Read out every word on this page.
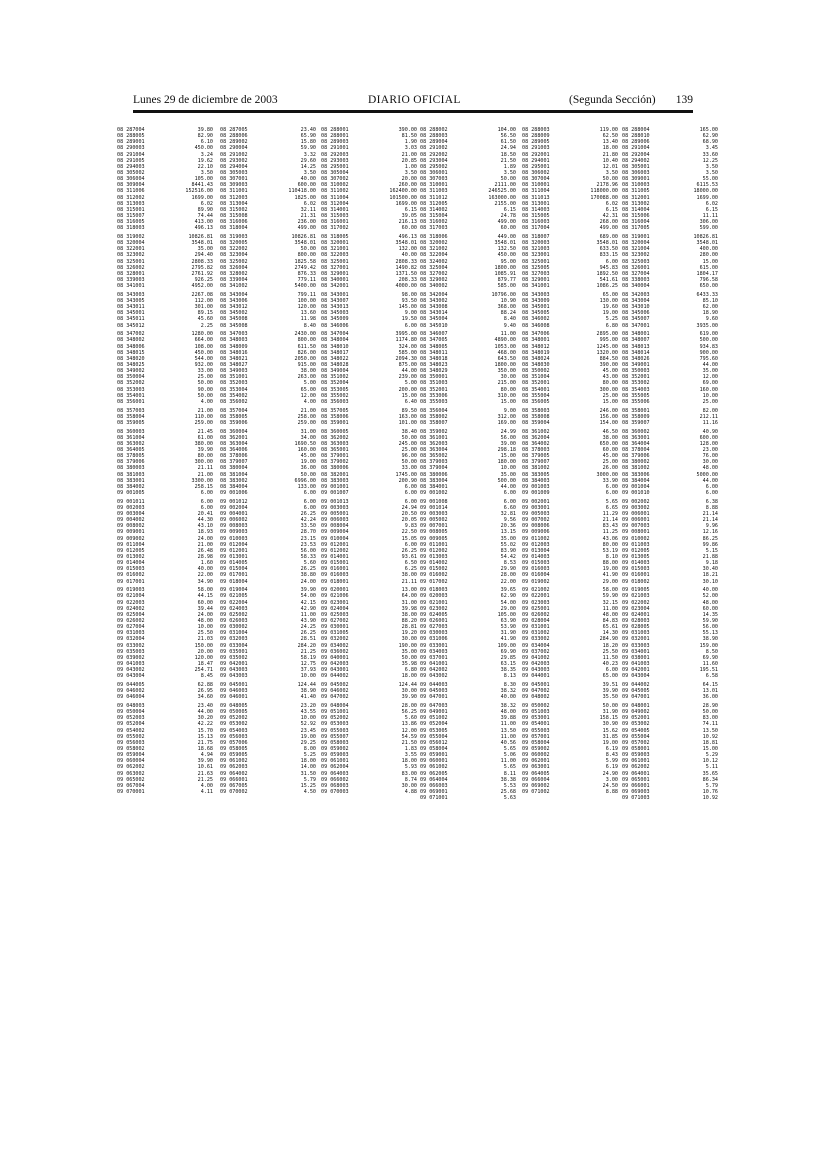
Lunes 29 de diciembre de 2003	DIARIO OFICIAL	(Segunda Sección) 139
08 287004	39.80
08 288005	82.90
08 289001	6.10
08 290003	450.00
08 291004	3.24
08 291005	19.62
08 294003	22.10
08 305002	3.50
08 306004	105.00
08 309004	8441.43
08 311006	152516.00
08 312002	1699.00
08 313003	6.02
08 315001	89.90
08 315007	74.44
08 316005	413.00
08 318003	496.13
08 319002	10826.81
08 320004	3548.01
08 322001	35.00
08 323002	294.40
08 325001	2808.33
08 326002	2795.82
08 328001	2761.92
08 339003	926.25
08 341001	4952.00
08 343003	2267.08
08 343005	112.00
08 343011	301.00
08 345001	89.15
08 345011	45.60
08 345012	2.25
08 347002	1280.00
08 348002	664.00
08 348006	108.00
08 348015	450.00
08 348020	544.00
08 348025	932.00
08 349002	33.00
08 350004	25.00
08 352002	50.00
08 353003	90.00
08 354001	50.00
08 356001	4.00
08 357003	21.00
08 358004	110.00
08 359005	259.00
08 360003	21.45
08 361004	61.00
08 363002	380.00
08 364005	39.90
08 378005	80.00
08 379006	300.00
08 380003	21.11
08 381003	21.00
08 383001	3300.00
08 384002	258.15
09 001005	6.00
09 001011	6.00
09 002003	6.00
09 003004	20.41
09 004002	44.30
09 008002	43.10
09 009001	18.93
09 009002	24.00
09 011004	21.00
09 012005	26.48
09 013002	28.98
09 014004	1.60
09 015003	40.00
09 016002	22.00
09 017001	34.90
09 019003	58.00
09 021004	44.15
09 022003	60.00
09 024002	39.44
09 025004	24.00
09 026002	48.00
09 027004	10.00
09 031003	25.50
09 032004	21.03
09 033002	150.00
09 035003	20.00
09 039002	120.00
09 041003	18.47
09 043002	254.71
09 043004	8.45
09 044005	62.88
09 046002	26.95
09 046004	34.60
09 048003	23.40
09 050004	44.00
09 052003	30.20
09 052004	42.22
09 054002	15.70
09 055002	15.13
09 056003	21.75
09 058002	18.68
09 059004	4.94
09 060004	39.90
09 062002	10.61
09 063002	21.63
09 065002	21.25
09 067004	4.00
09 070001	4.11
08 287005	23.40
08 288006	65.90
08 289002	15.80
08 290004	59.90
08 291002	3.32
08 293002	29.60
08 294004	14.25
08 305003	3.50
08 307001	40.00
08 309003	600.00
08 311001	110418.00
08 312003	1825.00
08 313004	6.02
08 315002	32.11
08 315008	21.31
08 316006	236.00
08 318004	499.00
08 319003	10826.81
08 320005	3548.01
08 322002	50.00
08 323004	800.00
08 325002	1825.58
08 326004	2749.42
08 328002	876.33
08 339004	779.11
08 341002	5400.00
08 343004	799.11
08 343006	100.00
08 343012	120.00
08 345002	13.60
08 345008	11.98
08 345008	8.40
08 347003	2430.00
08 348003	800.00
08 348009	611.50
08 348016	826.00
08 348021	2050.00
08 348027	915.00
08 349003	38.00
08 351001	263.00
08 352003	5.00
08 353004	65.00
08 354002	12.00
08 356002	4.00
08 357004	21.00
08 358005	258.00
08 359006	259.00
08 360004	31.00
08 362001	34.00
08 363004	1690.50
08 364006	160.00
08 378006	45.00
08 379007	19.00
08 380004	36.00
08 381004	50.00
08 383002	6996.00
08 384004	133.00
09 001006	6.00
09 001012	6.00
09 002004	6.00
09 004001	26.25
09 006002	42.24
09 008003	33.50
09 009003	28.70
09 010003	23.15
09 012004	23.53
09 012001	56.00
09 013001	58.33
09 014005	5.60
09 015004	26.25
09 017001	38.80
09 018004	24.00
09 019004	39.90
09 021005	54.00
09 022004	42.15
09 024003	42.90
09 025002	11.00
09 026003	43.90
09 030002	24.25
09 031004	26.25
09 032003	28.51
09 033004	284.20
09 035001	21.25
09 035002	58.19
09 042001	12.75
09 043003	37.93
09 043003	10.00
09 045001	124.44
09 046003	38.90
09 046001	41.40
09 048005	23.20
09 050005	43.55
09 052002	10.00
09 053002	52.92
09 054003	23.45
09 056003	19.00
09 057006	29.25
09 058005	8.00
09 059005	5.25
09 061002	18.00
09 062003	14.00
09 064002	31.50
09 066001	5.79
09 067005	15.25
09 070002	4.50
08 288001	390.00
08 288001	81.50
08 289003	1.90
08 291001	3.03
08 292003	21.00
08 293003	20.85
08 295001	1.00
08 305004	3.50
08 307002	20.00
08 310002	260.00
08 311002	162400.00
08 311004	101500.00
08 312004	1699.00
08 314001	6.15
08 315003	39.05
08 316001	216.13
08 317002	60.00
08 318005	496.13
08 320001	3548.01
08 321001	132.00
08 322003	40.00
08 325001	2808.33
08 327001	1490.82
08 329001	1371.50
08 340001	208.33
08 342001	4000.00
08 343001	98.00
08 343007	93.50
08 343013	145.00
08 345003	9.00
08 345009	19.50
08 346006	6.00
08 347004	3995.00
08 348004	1174.80
08 348010	324.00
08 348017	585.00
08 348022	2094.30
08 348028	875.00
08 349004	44.00
08 351002	239.00
08 352004	5.00
08 353005	200.00
08 355002	15.00
08 356003	6.40
08 357005	89.50
08 358006	163.00
08 359001	101.00
08 360005	38.40
08 362002	50.00
08 363003	245.00
08 365001	25.00
08 379001	96.00
08 379002	50.00
08 380006	33.00
08 382001	1745.00
08 383003	200.90
09 001001	6.00
09 001007	6.00
09 001013	6.00
09 003003	24.94
09 005001	20.50
09 006003	20.05
09 008004	9.83
09 009004	22.50
09 010004	15.05
09 012001	6.00
09 012002	26.25
09 014001	93.61
09 015001	6.50
09 016001	6.25
09 016003	38.00
09 018001	21.11
09 020001	13.00
09 021006	64.00
09 023001	31.00
09 024004	39.98
09 025003	38.00
09 027002	88.20
09 030001	28.81
09 031005	19.20
09 032002	30.00
09 034002	190.00
09 036002	35.00
09 040001	50.00
09 042003	35.98
09 043001	6.80
09 044002	18.00
09 045002	124.44
09 046002	30.00
09 047002	39.90
09 048004	28.00
09 051001	56.25
09 052002	5.60
09 053003	13.86
09 055003	12.00
09 055007	54.59
09 058003	21.50
09 059002	1.83
09 059003	3.55
09 061001	18.00
09 062004	5.93
09 064003	83.00
09 066002	8.74
09 068003	30.00
09 070003	4.88
08 288002	104.00
08 288003	56.50
08 289004	61.50
08 291002	24.94
08 292002	18.50
08 293004	21.50
08 295002	1.89
08 306001	3.50
08 307003	50.00
08 310001	2111.00
08 311003	246525.00
08 311012	163000.00
08 312005	2155.00
08 314002	6.15
08 315004	24.78
08 316002	499.00
08 317003	60.00
08 318006	449.00
08 320002	3548.01
08 321002	132.50
08 322004	450.00
08 324002	95.00
08 325004	1800.00
08 327002	1085.91
08 329002	879.77
08 340002	585.00
08 342004	10796.00
08 343002	10.90
08 343008	368.00
08 343014	88.24
08 345004	8.40
08 345010	9.40
08 346007	11.00
08 347005	4890.00
08 348005	1053.00
08 348011	468.00
08 348018	643.50
08 348023	1800.00
08 348029	350.00
08 350001	30.00
08 351003	215.00
08 352001	80.00
08 353006	310.00
08 355003	15.00
08 356004	9.00
08 358002	312.00
08 358007	169.00
08 359002	24.99
08 361001	56.00
08 362003	39.00
08 363004	298.18
08 365002	15.00
08 379003	180.00
08 379004	10.00
08 380006	35.00
08 383004	500.00
08 384001	44.00
09 001002	6.00
09 001008	6.00
09 001014	6.60
09 003003	32.81
09 005002	9.56
09 007001	20.36
09 008005	13.15
09 009005	35.00
09 011001	55.02
09 012002	83.90
09 013003	54.42
09 014002	8.53
09 015002	29.90
09 016002	28.00
09 017002	22.00
09 018003	39.65
09 020003	62.90
09 021001	54.00
09 023002	29.00
09 024005	105.00
09 026001	63.90
09 027003	53.90
09 030003	31.90
09 031006	41.90
09 033001	109.00
09 034003	69.90
09 037001	29.85
09 041001	63.15
09 042002	38.35
09 043002	8.13
09 044003	8.30
09 045003	38.32
09 047001	40.00
09 047003	38.32
09 049001	48.00
09 051002	39.88
09 052004	11.00
09 053005	13.50
09 055004	11.00
09 056012	40.56
09 058004	5.65
09 059001	5.06
09 060001	11.00
09 061002	5.65
09 062005	8.11
09 064004	38.38
09 066003	5.53
09 069001	25.68
09 071001	5.63
08 288003	119.00
08 288009	62.50
08 289005	13.40
08 291003	18.00
08 292001	21.80
08 294001	10.40
08 295001	12.01
08 306002	3.50
08 307004	50.00
08 310001	2178.96
08 311004	118000.00
08 311013	170088.00
08 313001	6.02
08 314003	6.15
08 315005	42.31
08 316003	268.00
08 317004	499.00
08 318007	689.00
08 320003	3548.01
08 321003	633.50
08 323001	833.15
08 325001	6.00
08 325005	945.83
08 327003	1892.50
08 329001	541.61
08 341001	1086.25
08 343003	65.00
08 343009	130.00
08 345001	19.60
08 345005	19.00
08 346002	5.25
08 346008	6.80
08 347006	2895.00
08 348001	995.00
08 348012	1245.00
08 348019	1320.00
08 348024	884.50
08 348030	390.00
08 350002	45.00
08 351004	43.00
08 352001	80.00
08 354001	300.00
08 355004	25.00
08 356005	15.00
08 358003	246.00
08 358008	156.00
08 359004	154.00
08 361002	46.50
08 362004	38.00
08 364002	650.00
08 378003	60.00
08 379005	45.00
08 379007	25.00
08 381002	26.00
08 383005	3000.00
08 384003	33.90
09 001003	6.00
09 001009	6.00
09 002001	5.65
09 003001	6.65
09 005003	11.29
09 007002	21.14
09 008006	83.43
09 009006	11.25
09 011002	43.06
09 012003	80.00
09 013004	53.19
09 014003	8.10
09 015003	88.00
09 016003	19.00
09 016004	41.90
09 019002	29.00
09 021002	58.00
09 022001	59.90
09 023003	32.15
09 025001	11.00
09 026002	48.00
09 028004	84.83
09 031001	65.61
09 031002	14.30
09 033002	284.90
09 034004	18.20
09 037002	25.50
09 041002	11.50
09 042003	40.23
09 043003	6.00
09 044001	65.00
09 045001	39.51
09 047002	39.90
09 048002	35.50
09 050002	50.00
09 051003	31.90
09 053001	158.15
09 054001	30.90
09 055003	15.62
09 057001	31.85
09 058004	19.00
09 059002	6.19
09 060002	8.43
09 062001	5.99
09 063001	6.19
09 064005	24.90
09 066004	3.00
09 069002	24.50
09 071002	8.88
08 288004	165.00
08 288010	62.90
08 289006	68.90
08 291004	3.45
08 292004	33.60
08 294002	12.25
08 305001	3.50
08 306003	3.50
08 309001	55.00
08 310003	6115.53
08 311005	18000.00
08 312001	1699.00
08 313002	6.02
08 314004	6.15
08 315006	11.11
08 316004	306.00
08 317005	599.00
08 319001	10826.81
08 320004	3548.01
08 321004	400.00
08 323002	280.00
08 325003	15.00
08 326001	615.00
08 327004	1804.17
08 338003	796.58
08 340004	650.00
08 342003	6433.33
08 343004	85.10
08 343010	62.00
08 345006	18.90
08 345007	9.60
08 347001	3935.00
08 348001	619.00
08 348007	500.00
08 348013	934.83
08 348014	900.00
08 348026	795.60
08 349001	44.00
08 350003	35.00
08 352001	12.00
08 353002	69.00
08 354003	160.00
08 355005	10.00
08 355006	25.00
08 358001	82.00
08 358009	212.11
08 359007	11.16
08 360002	40.90
08 363001	600.00
08 364004	128.00
08 378004	23.00
08 379006	76.00
08 380002	30.00
08 381002	48.00
08 383006	5000.00
08 384004	44.00
09 001004	6.00
09 001010	6.00
09 002002	6.38
09 003002	8.88
09 006001	21.14
09 006001	21.14
09 007003	9.96
09 008001	12.16
09 010002	86.25
09 011003	99.86
09 012005	5.15
09 013005	21.88
09 014003	9.18
09 015003	30.40
09 016001	18.21
09 018002	30.10
09 019005	40.00
09 021003	52.00
09 022002	48.00
09 023004	60.00
09 024001	14.35
09 028003	59.90
09 028005	56.00
09 031003	55.13
09 032001	38.90
09 033003	159.00
09 034001	8.50
09 038001	69.90
09 041003	11.60
09 042001	195.51
09 043004	6.58
09 044002	64.15
09 045005	13.01
09 047001	36.00
09 048001	28.90
09 049002	50.00
09 052001	83.00
09 053002	74.11
09 054005	13.50
09 055004	10.92
09 057002	18.81
09 058001	15.00
09 059003	5.29
09 061001	10.12
09 062002	5.11
09 064001	35.65
09 065001	86.34
09 066001	5.79
09 069003	10.76
09 071003	10.92
